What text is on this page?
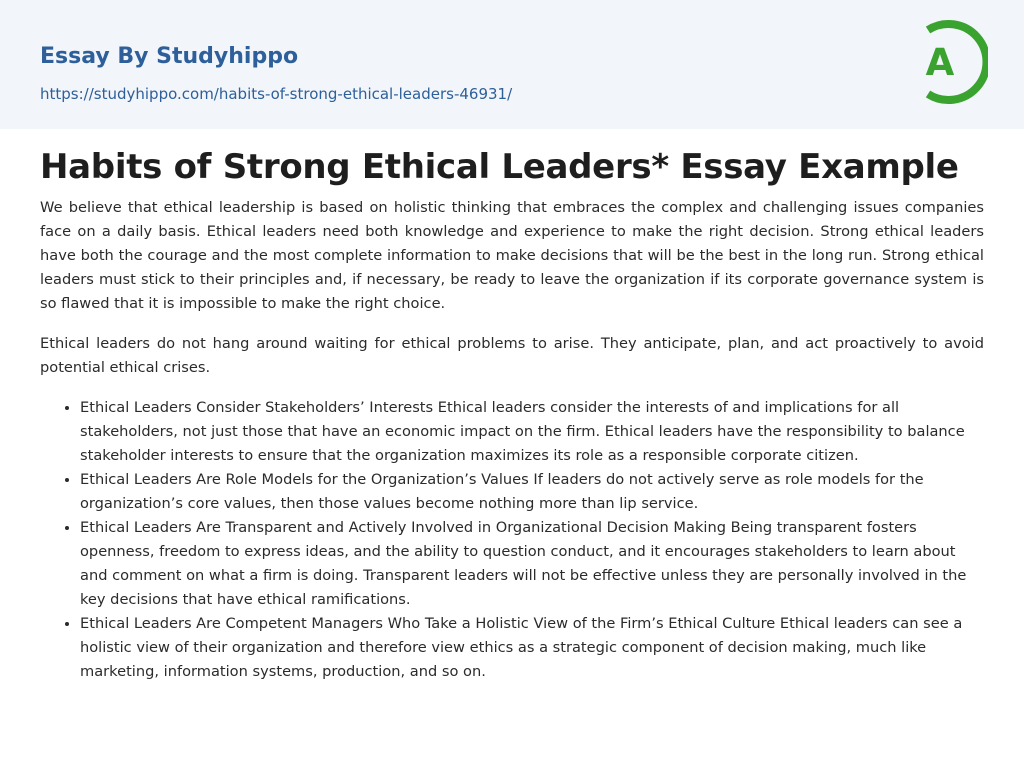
Essay By Studyhippo
https://studyhippo.com/habits-of-strong-ethical-leaders-46931/
A
Habits of Strong Ethical Leaders* Essay Example

We believe that ethical leadership is based on holistic thinking that embraces the complex and challenging issues companies face on a daily basis. Ethical leaders need both knowledge and experience to make the right decision. Strong ethical leaders have both the courage and the most complete information to make decisions that will be the best in the long run. Strong ethical leaders must stick to their principles and, if necessary, be ready to leave the organization if its corporate governance system is so flawed that it is impossible to make the right choice.

Ethical leaders do not hang around waiting for ethical problems to arise. They anticipate, plan, and act proactively to avoid potential ethical crises.

• Ethical Leaders Consider Stakeholders’ Interests Ethical leaders consider the interests of and implications for all stakeholders, not just those that have an economic impact on the firm. Ethical leaders have the responsibility to balance stakeholder interests to ensure that the organization maximizes its role as a responsible corporate citizen.
• Ethical Leaders Are Role Models for the Organization’s Values If leaders do not actively serve as role models for the organization’s core values, then those values become nothing more than lip service.
• Ethical Leaders Are Transparent and Actively Involved in Organizational Decision Making Being transparent fosters openness, freedom to express ideas, and the ability to question conduct, and it encourages stakeholders to learn about and comment on what a firm is doing. Transparent leaders will not be effective unless they are personally involved in the key decisions that have ethical ramifications.
• Ethical Leaders Are Competent Managers Who Take a Holistic View of the Firm’s Ethical Culture Ethical leaders can see a holistic view of their organization and therefore view ethics as a strategic component of decision making, much like marketing, information systems, production, and so on.
